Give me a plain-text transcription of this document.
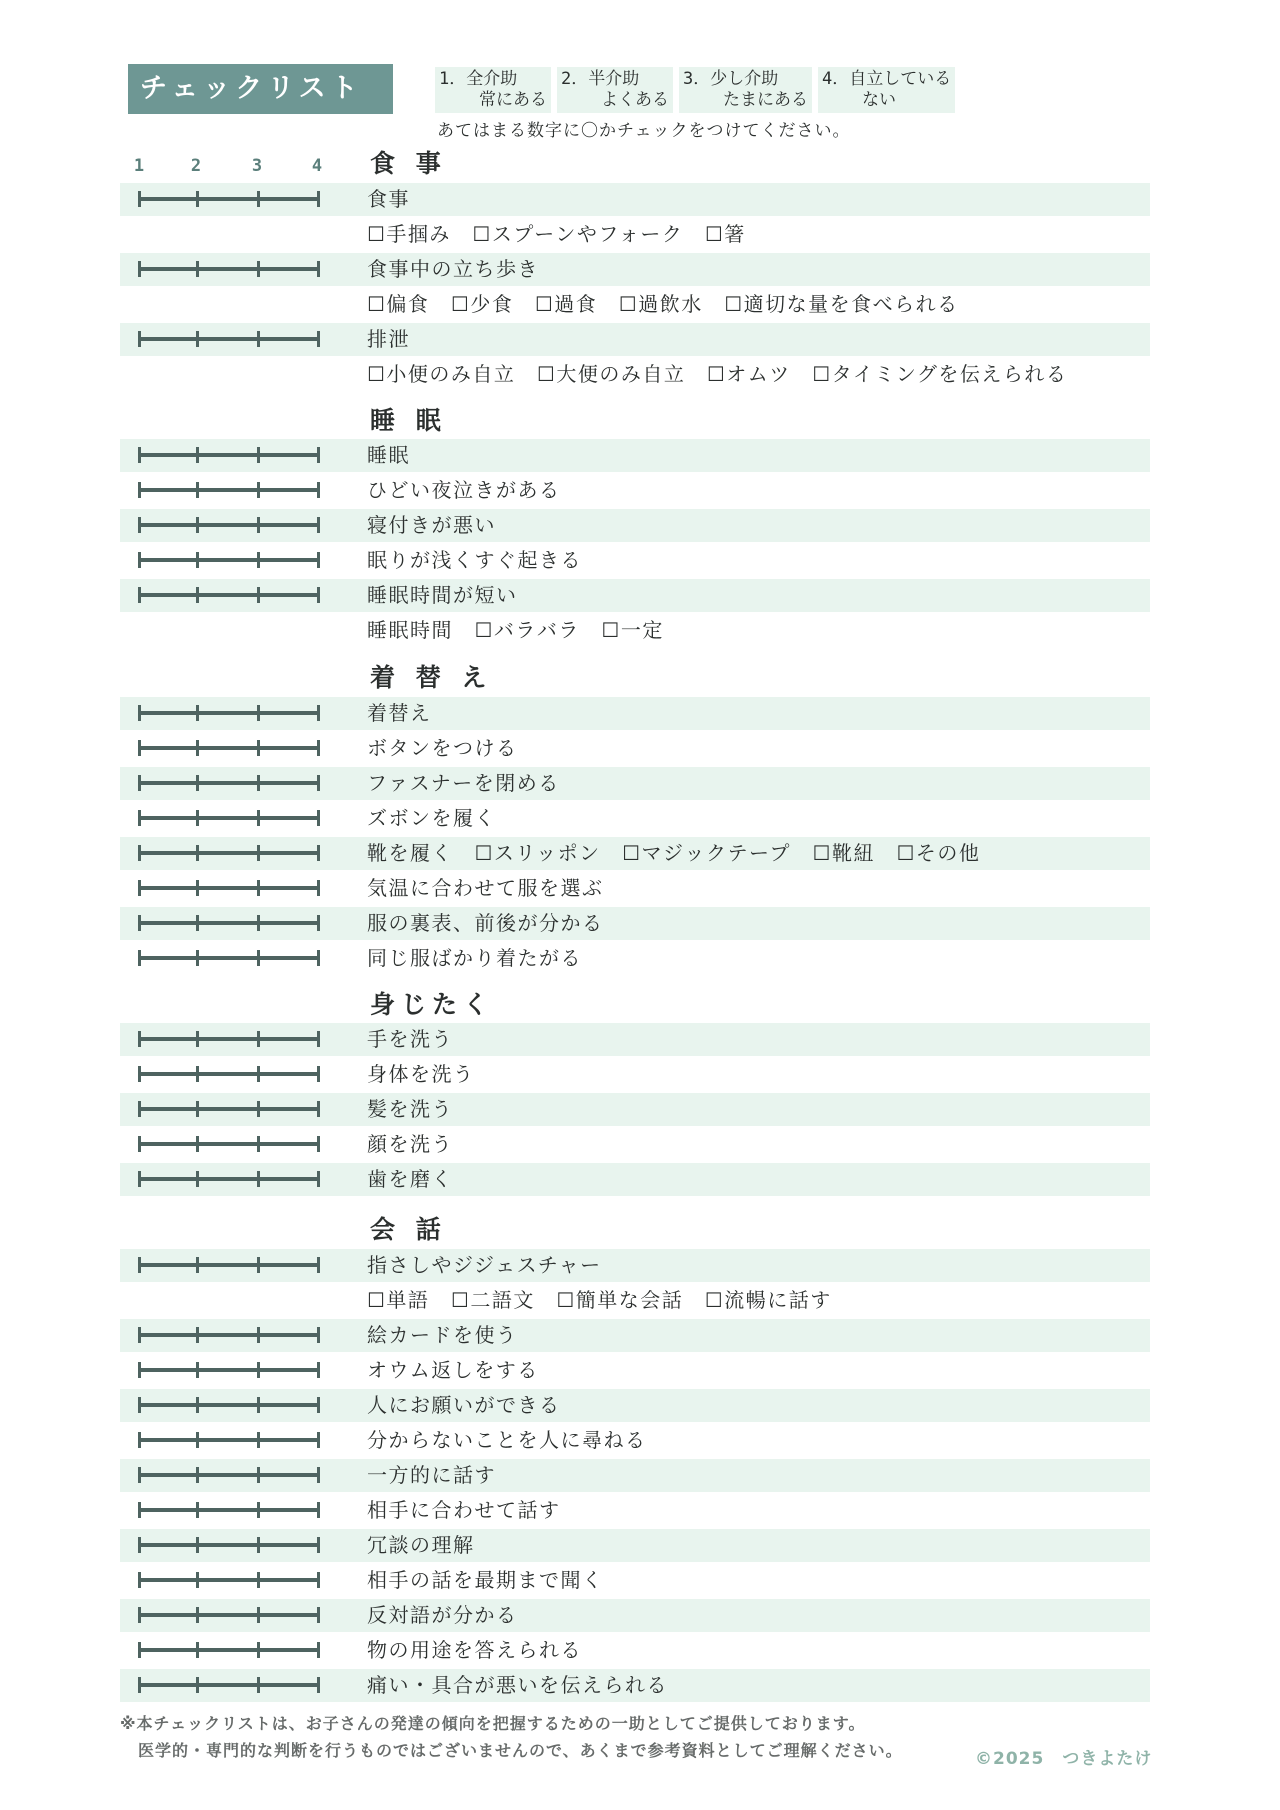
チェックリスト 1
1．全介助
常にある
2．半介助
よくある
3．少し介助
たまにある
4．自立している
ない
あてはまる数字に〇かチェックをつけてください。
1	2	3	4 食 事
食事
☐手掴み　☐スプーンやフォーク　☐箸
食事中の立ち歩き
☐偏食　☐少食　☐過食　☐過飲水　☐適切な量を食べられる
排泄
☐小便のみ自立　☐大便のみ自立　☐オムツ　☐タイミングを伝えられる
睡 眠
睡眠
ひどい夜泣きがある
寝付きが悪い
眠りが浅くすぐ起きる
睡眠時間が短い
睡眠時間　☐バラバラ　☐一定
着 替 え
着替え
ボタンをつける
ファスナーを閉める
ズボンを履く
靴を履く　☐スリッポン　☐マジックテープ　☐靴紐　☐その他
気温に合わせて服を選ぶ
服の裏表、前後が分かる
同じ服ばかり着たがる
身じたく
手を洗う
身体を洗う
髪を洗う
顔を洗う
歯を磨く
会 話
指さしやジジェスチャー
☐単語　☐二語文　☐簡単な会話　☐流暢に話す
絵カードを使う
オウム返しをする
人にお願いができる
分からないことを人に尋ねる
一方的に話す
相手に合わせて話す
冗談の理解
相手の話を最期まで聞く
反対語が分かる
物の用途を答えられる
痛い・具合が悪いを伝えられる
※本チェックリストは、お子さんの発達の傾向を把握するための一助としてご提供しております。
医学的・専門的な判断を行うものではございませんので、あくまで参考資料としてご理解ください。	©2025　つきよたけ
